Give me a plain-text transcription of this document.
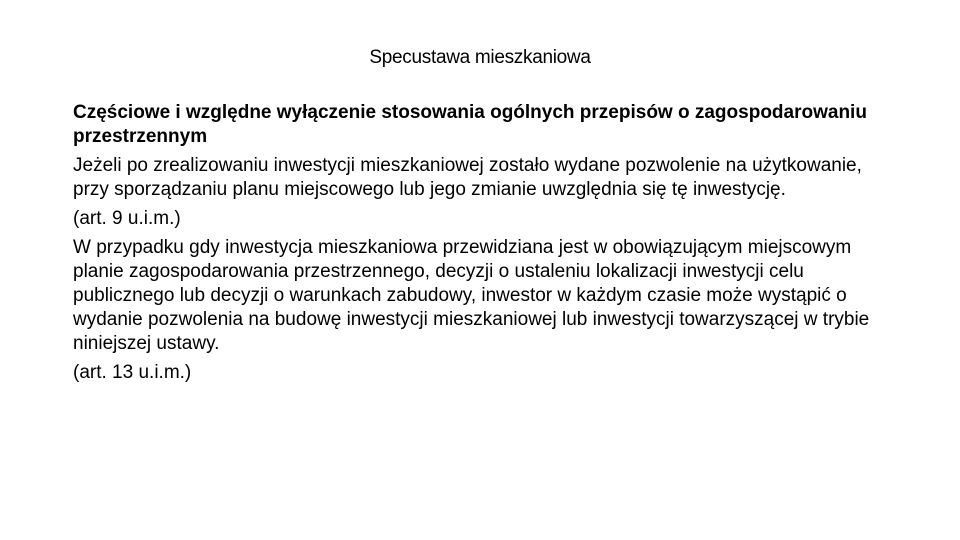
Specustawa mieszkaniowa

Częściowe i względne wyłączenie stosowania ogólnych przepisów o zagospodarowaniu przestrzennym

Jeżeli po zrealizowaniu inwestycji mieszkaniowej zostało wydane pozwolenie na użytkowanie, przy sporządzaniu planu miejscowego lub jego zmianie uwzględnia się tę inwestycję.

(art. 9 u.i.m.)

W przypadku gdy inwestycja mieszkaniowa przewidziana jest w obowiązującym miejscowym planie zagospodarowania przestrzennego, decyzji o ustaleniu lokalizacji inwestycji celu publicznego lub decyzji o warunkach zabudowy, inwestor w każdym czasie może wystąpić o wydanie pozwolenia na budowę inwestycji mieszkaniowej lub inwestycji towarzyszącej w trybie niniejszej ustawy.

(art. 13 u.i.m.)
